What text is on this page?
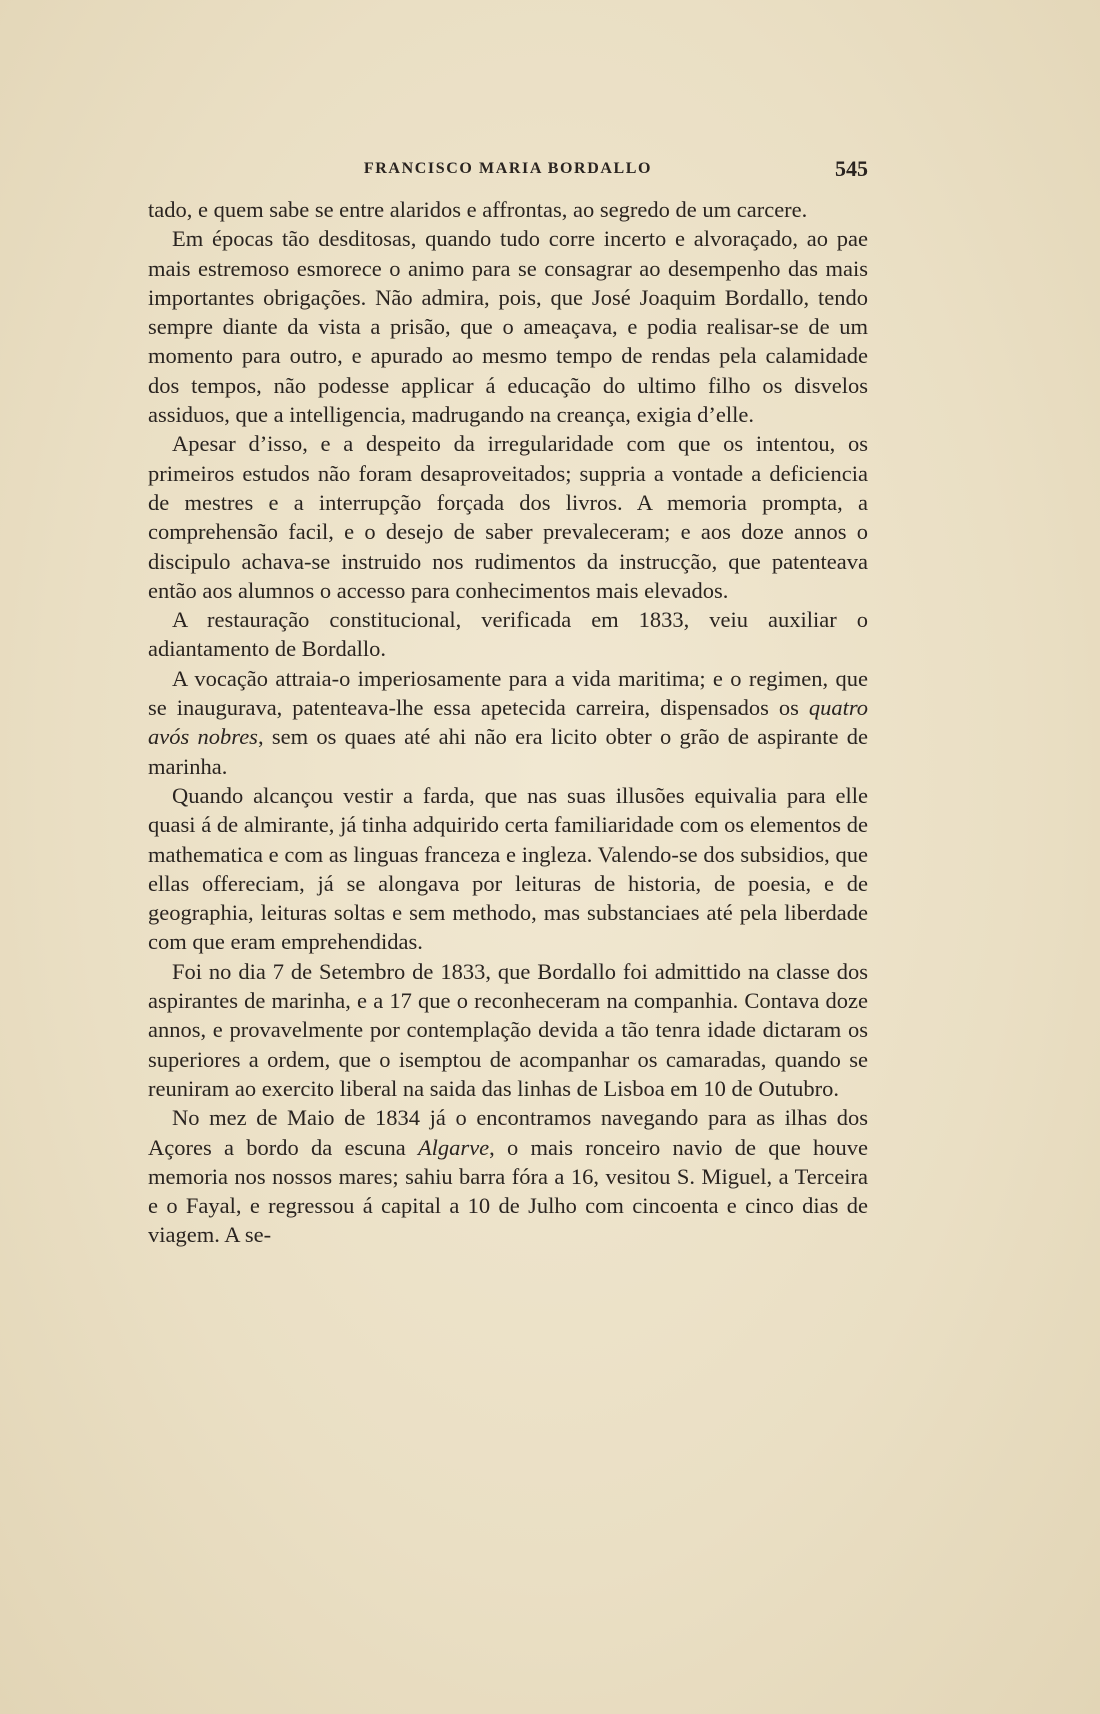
FRANCISCO MARIA BORDALLO	545

tado, e quem sabe se entre alaridos e affrontas, ao segredo de um carcere.

Em épocas tão desditosas, quando tudo corre incerto e alvoraçado, ao pae mais estremoso esmorece o animo para se consagrar ao desempenho das mais importantes obrigações. Não admira, pois, que José Joaquim Bordallo, tendo sempre diante da vista a prisão, que o ameaçava, e podia realisar-se de um momento para outro, e apurado ao mesmo tempo de rendas pela calamidade dos tempos, não podesse applicar á educação do ultimo filho os disvelos assiduos, que a intelligencia, madrugando na creança, exigia d’elle.

Apesar d’isso, e a despeito da irregularidade com que os intentou, os primeiros estudos não foram desaproveitados; suppria a vontade a deficiencia de mestres e a interrupção forçada dos livros. A memoria prompta, a comprehensão facil, e o desejo de saber prevaleceram; e aos doze annos o discipulo achava-se instruido nos rudimentos da instrucção, que patenteava então aos alumnos o accesso para conhecimentos mais elevados.

A restauração constitucional, verificada em 1833, veiu auxiliar o adiantamento de Bordallo.

A vocação attraia-o imperiosamente para a vida maritima; e o regimen, que se inaugurava, patenteava-lhe essa apetecida carreira, dispensados os quatro avós nobres, sem os quaes até ahi não era licito obter o grão de aspirante de marinha.

Quando alcançou vestir a farda, que nas suas illusões equivalia para elle quasi á de almirante, já tinha adquirido certa familiaridade com os elementos de mathematica e com as linguas franceza e ingleza. Valendo-se dos subsidios, que ellas offereciam, já se alongava por leituras de historia, de poesia, e de geographia, leituras soltas e sem methodo, mas substanciaes até pela liberdade com que eram emprehendidas.

Foi no dia 7 de Setembro de 1833, que Bordallo foi admittido na classe dos aspirantes de marinha, e a 17 que o reconheceram na companhia. Contava doze annos, e provavelmente por contemplação devida a tão tenra idade dictaram os superiores a ordem, que o isemptou de acompanhar os camaradas, quando se reuniram ao exercito liberal na saida das linhas de Lisboa em 10 de Outubro.

No mez de Maio de 1834 já o encontramos navegando para as ilhas dos Açores a bordo da escuna Algarve, o mais ronceiro navio de que houve memoria nos nossos mares; sahiu barra fóra a 16, vesitou S. Miguel, a Terceira e o Fayal, e regressou á capital a 10 de Julho com cincoenta e cinco dias de viagem. A se-
